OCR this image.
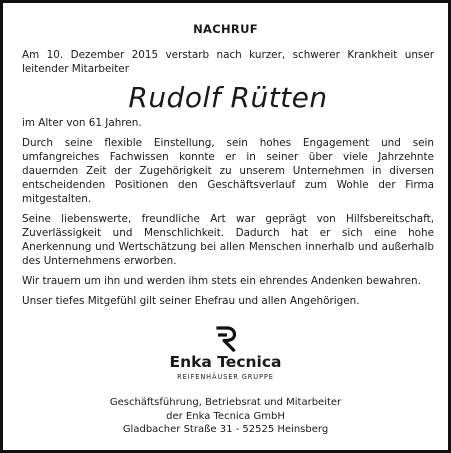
NACHRUF

Am 10. Dezember 2015 verstarb nach kurzer, schwerer Krankheit unser leitender Mitarbeiter

Rudolf Rütten

im Alter von 61 Jahren.

Durch seine flexible Einstellung, sein hohes Engagement und sein umfangreiches Fachwissen konnte er in seiner über viele Jahrzehnte dauernden Zeit der Zugehörigkeit zu unserem Unternehmen in diversen entscheidenden Positionen den Geschäftsverlauf zum Wohle der Firma mitgestalten.

Seine liebenswerte, freundliche Art war geprägt von Hilfsbereitschaft, Zuverlässigkeit und Menschlichkeit. Dadurch hat er sich eine hohe Anerkennung und Wertschätzung bei allen Menschen innerhalb und außerhalb des Unternehmens erworben.

Wir trauern um ihn und werden ihm stets ein ehrendes Andenken bewahren.

Unser tiefes Mitgefühl gilt seiner Ehefrau und allen Angehörigen.

Enka Tecnica
REIFENHÄUSER GRUPPE
Geschäftsführung, Betriebsrat und Mitarbeiter
der Enka Tecnica GmbH
Gladbacher Straße 31 - 52525 Heinsberg
